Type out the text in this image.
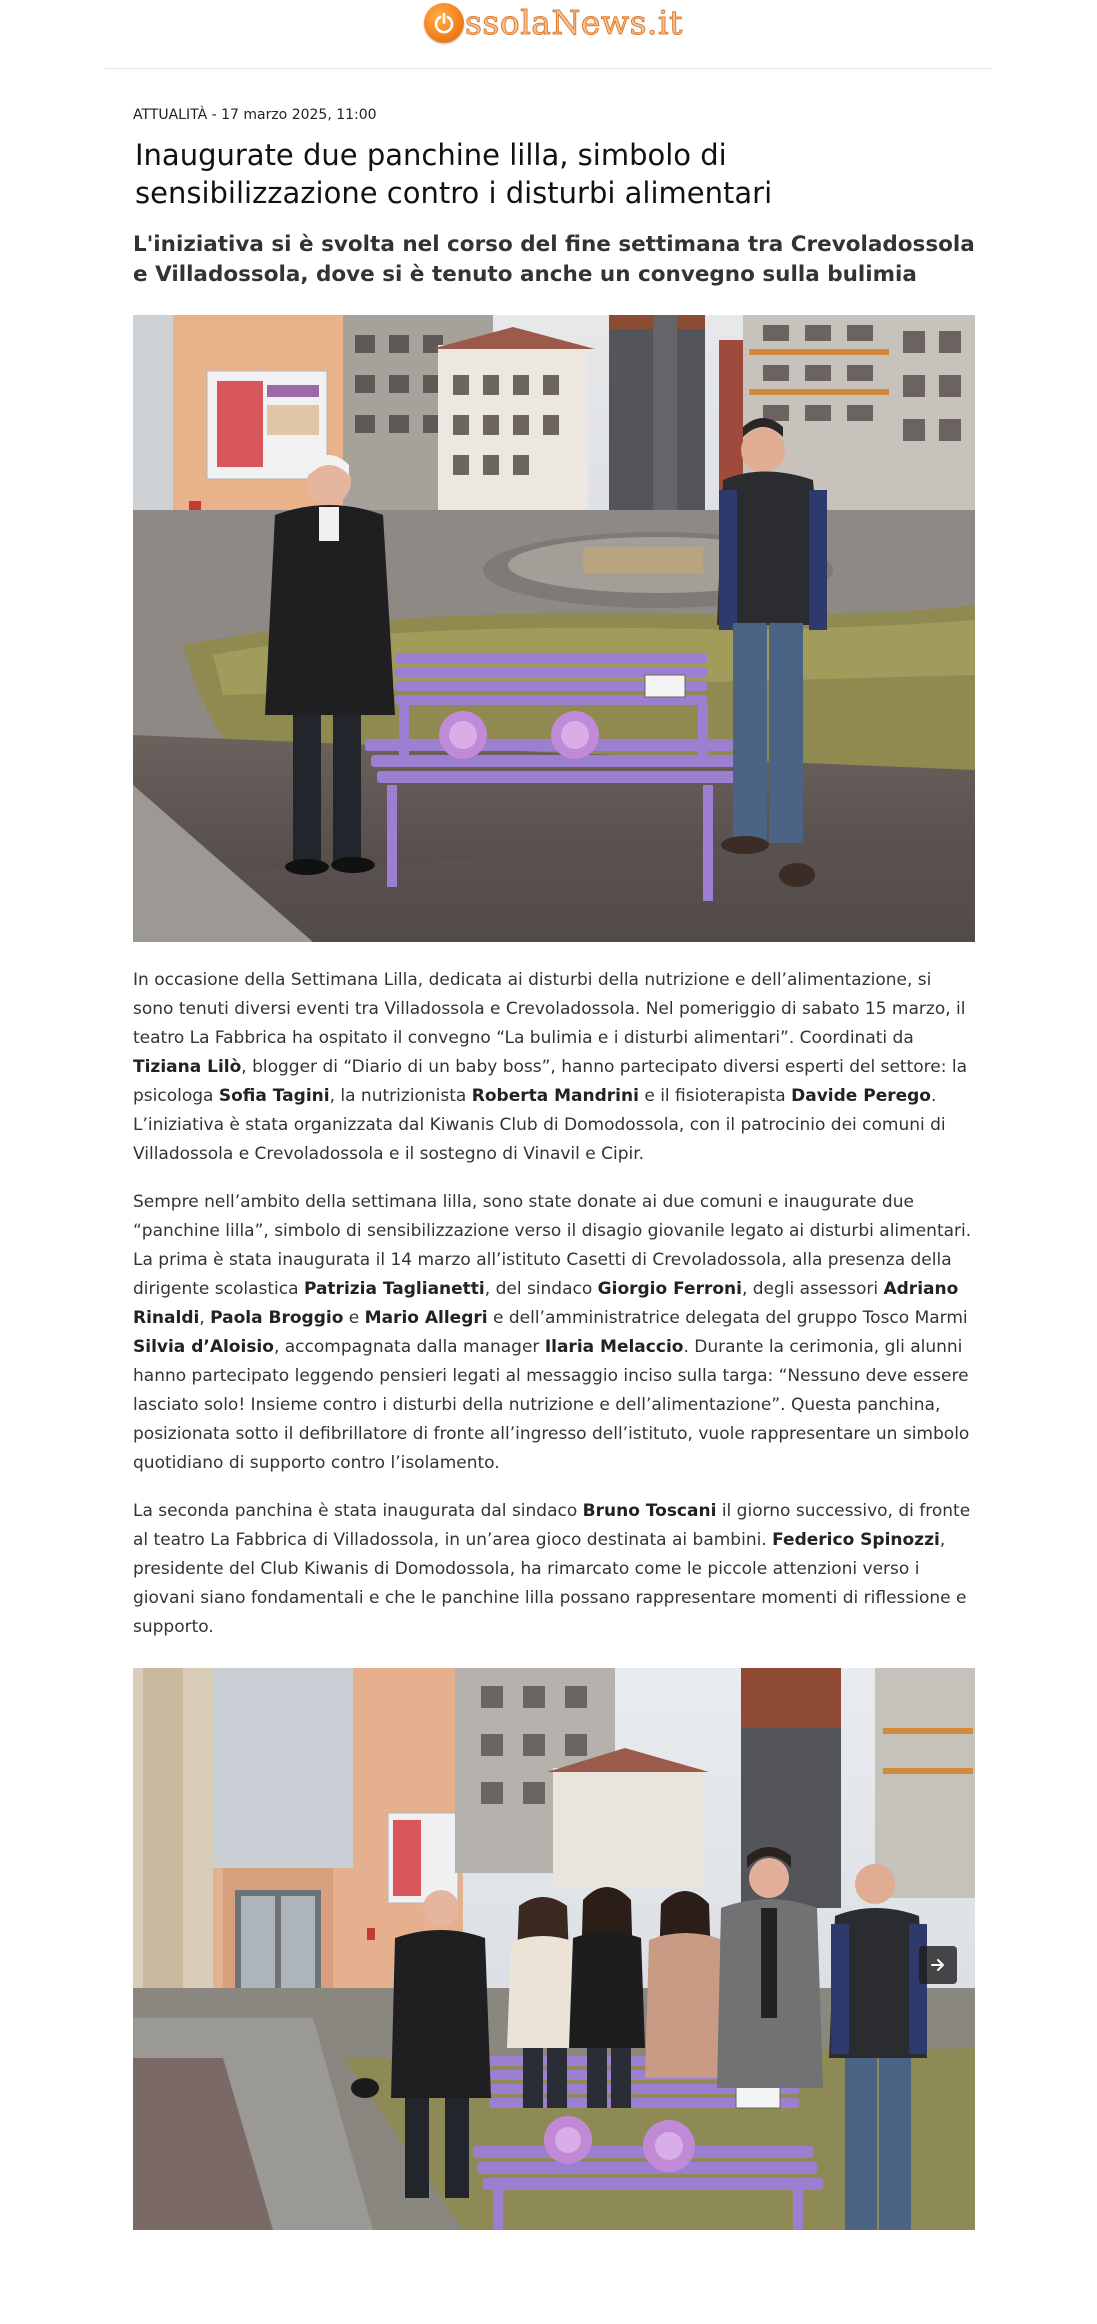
ssolaNews.it

ATTUALITÀ - 17 marzo 2025, 11:00

Inaugurate due panchine lilla, simbolo di sensibilizzazione contro i disturbi alimentari
L'iniziativa si è svolta nel corso del fine settimana tra Crevoladossola e Villadossola, dove si è tenuto anche un convegno sulla bulimia

In occasione della Settimana Lilla, dedicata ai disturbi della nutrizione e dell’alimentazione, si sono tenuti diversi eventi tra Villadossola e Crevoladossola. Nel pomeriggio di sabato 15 marzo, il teatro La Fabbrica ha ospitato il convegno “La bulimia e i disturbi alimentari”. Coordinati da Tiziana Lilò, blogger di “Diario di un baby boss”, hanno partecipato diversi esperti del settore: la psicologa Sofia Tagini, la nutrizionista Roberta Mandrini e il fisioterapista Davide Perego. L’iniziativa è stata organizzata dal Kiwanis Club di Domodossola, con il patrocinio dei comuni di Villadossola e Crevoladossola e il sostegno di Vinavil e Cipir.

Sempre nell’ambito della settimana lilla, sono state donate ai due comuni e inaugurate due “panchine lilla”, simbolo di sensibilizzazione verso il disagio giovanile legato ai disturbi alimentari. La prima è stata inaugurata il 14 marzo all’istituto Casetti di Crevoladossola, alla presenza della dirigente scolastica Patrizia Taglianetti, del sindaco Giorgio Ferroni, degli assessori Adriano Rinaldi, Paola Broggio e Mario Allegri e dell’amministratrice delegata del gruppo Tosco Marmi Silvia d’Aloisio, accompagnata dalla manager Ilaria Melaccio. Durante la cerimonia, gli alunni hanno partecipato leggendo pensieri legati al messaggio inciso sulla targa: “Nessuno deve essere lasciato solo! Insieme contro i disturbi della nutrizione e dell’alimentazione”. Questa panchina, posizionata sotto il defibrillatore di fronte all’ingresso dell’istituto, vuole rappresentare un simbolo quotidiano di supporto contro l’isolamento.

La seconda panchina è stata inaugurata dal sindaco Bruno Toscani il giorno successivo, di fronte al teatro La Fabbrica di Villadossola, in un’area gioco destinata ai bambini. Federico Spinozzi, presidente del Club Kiwanis di Domodossola, ha rimarcato come le piccole attenzioni verso i giovani siano fondamentali e che le panchine lilla possano rappresentare momenti di riflessione e supporto.
